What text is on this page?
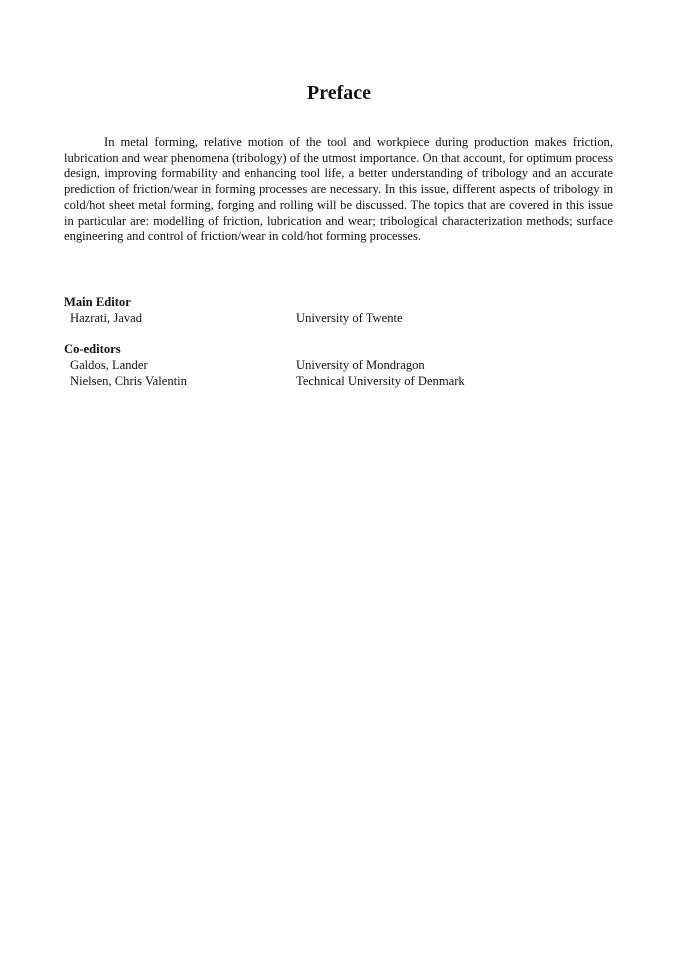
Preface

In metal forming, relative motion of the tool and workpiece during production makes friction, lubrication and wear phenomena (tribology) of the utmost importance. On that account, for optimum process design, improving formability and enhancing tool life, a better understanding of tribology and an accurate prediction of friction/wear in forming processes are necessary. In this issue, different aspects of tribology in cold/hot sheet metal forming, forging and rolling will be discussed. The topics that are covered in this issue in particular are: modelling of friction, lubrication and wear; tribological characterization methods; surface engineering and control of friction/wear in cold/hot forming processes.

Main Editor
Hazrati, Javad	University of Twente
Co-editors
Galdos, Lander	University of Mondragon
Nielsen, Chris Valentin	Technical University of Denmark
